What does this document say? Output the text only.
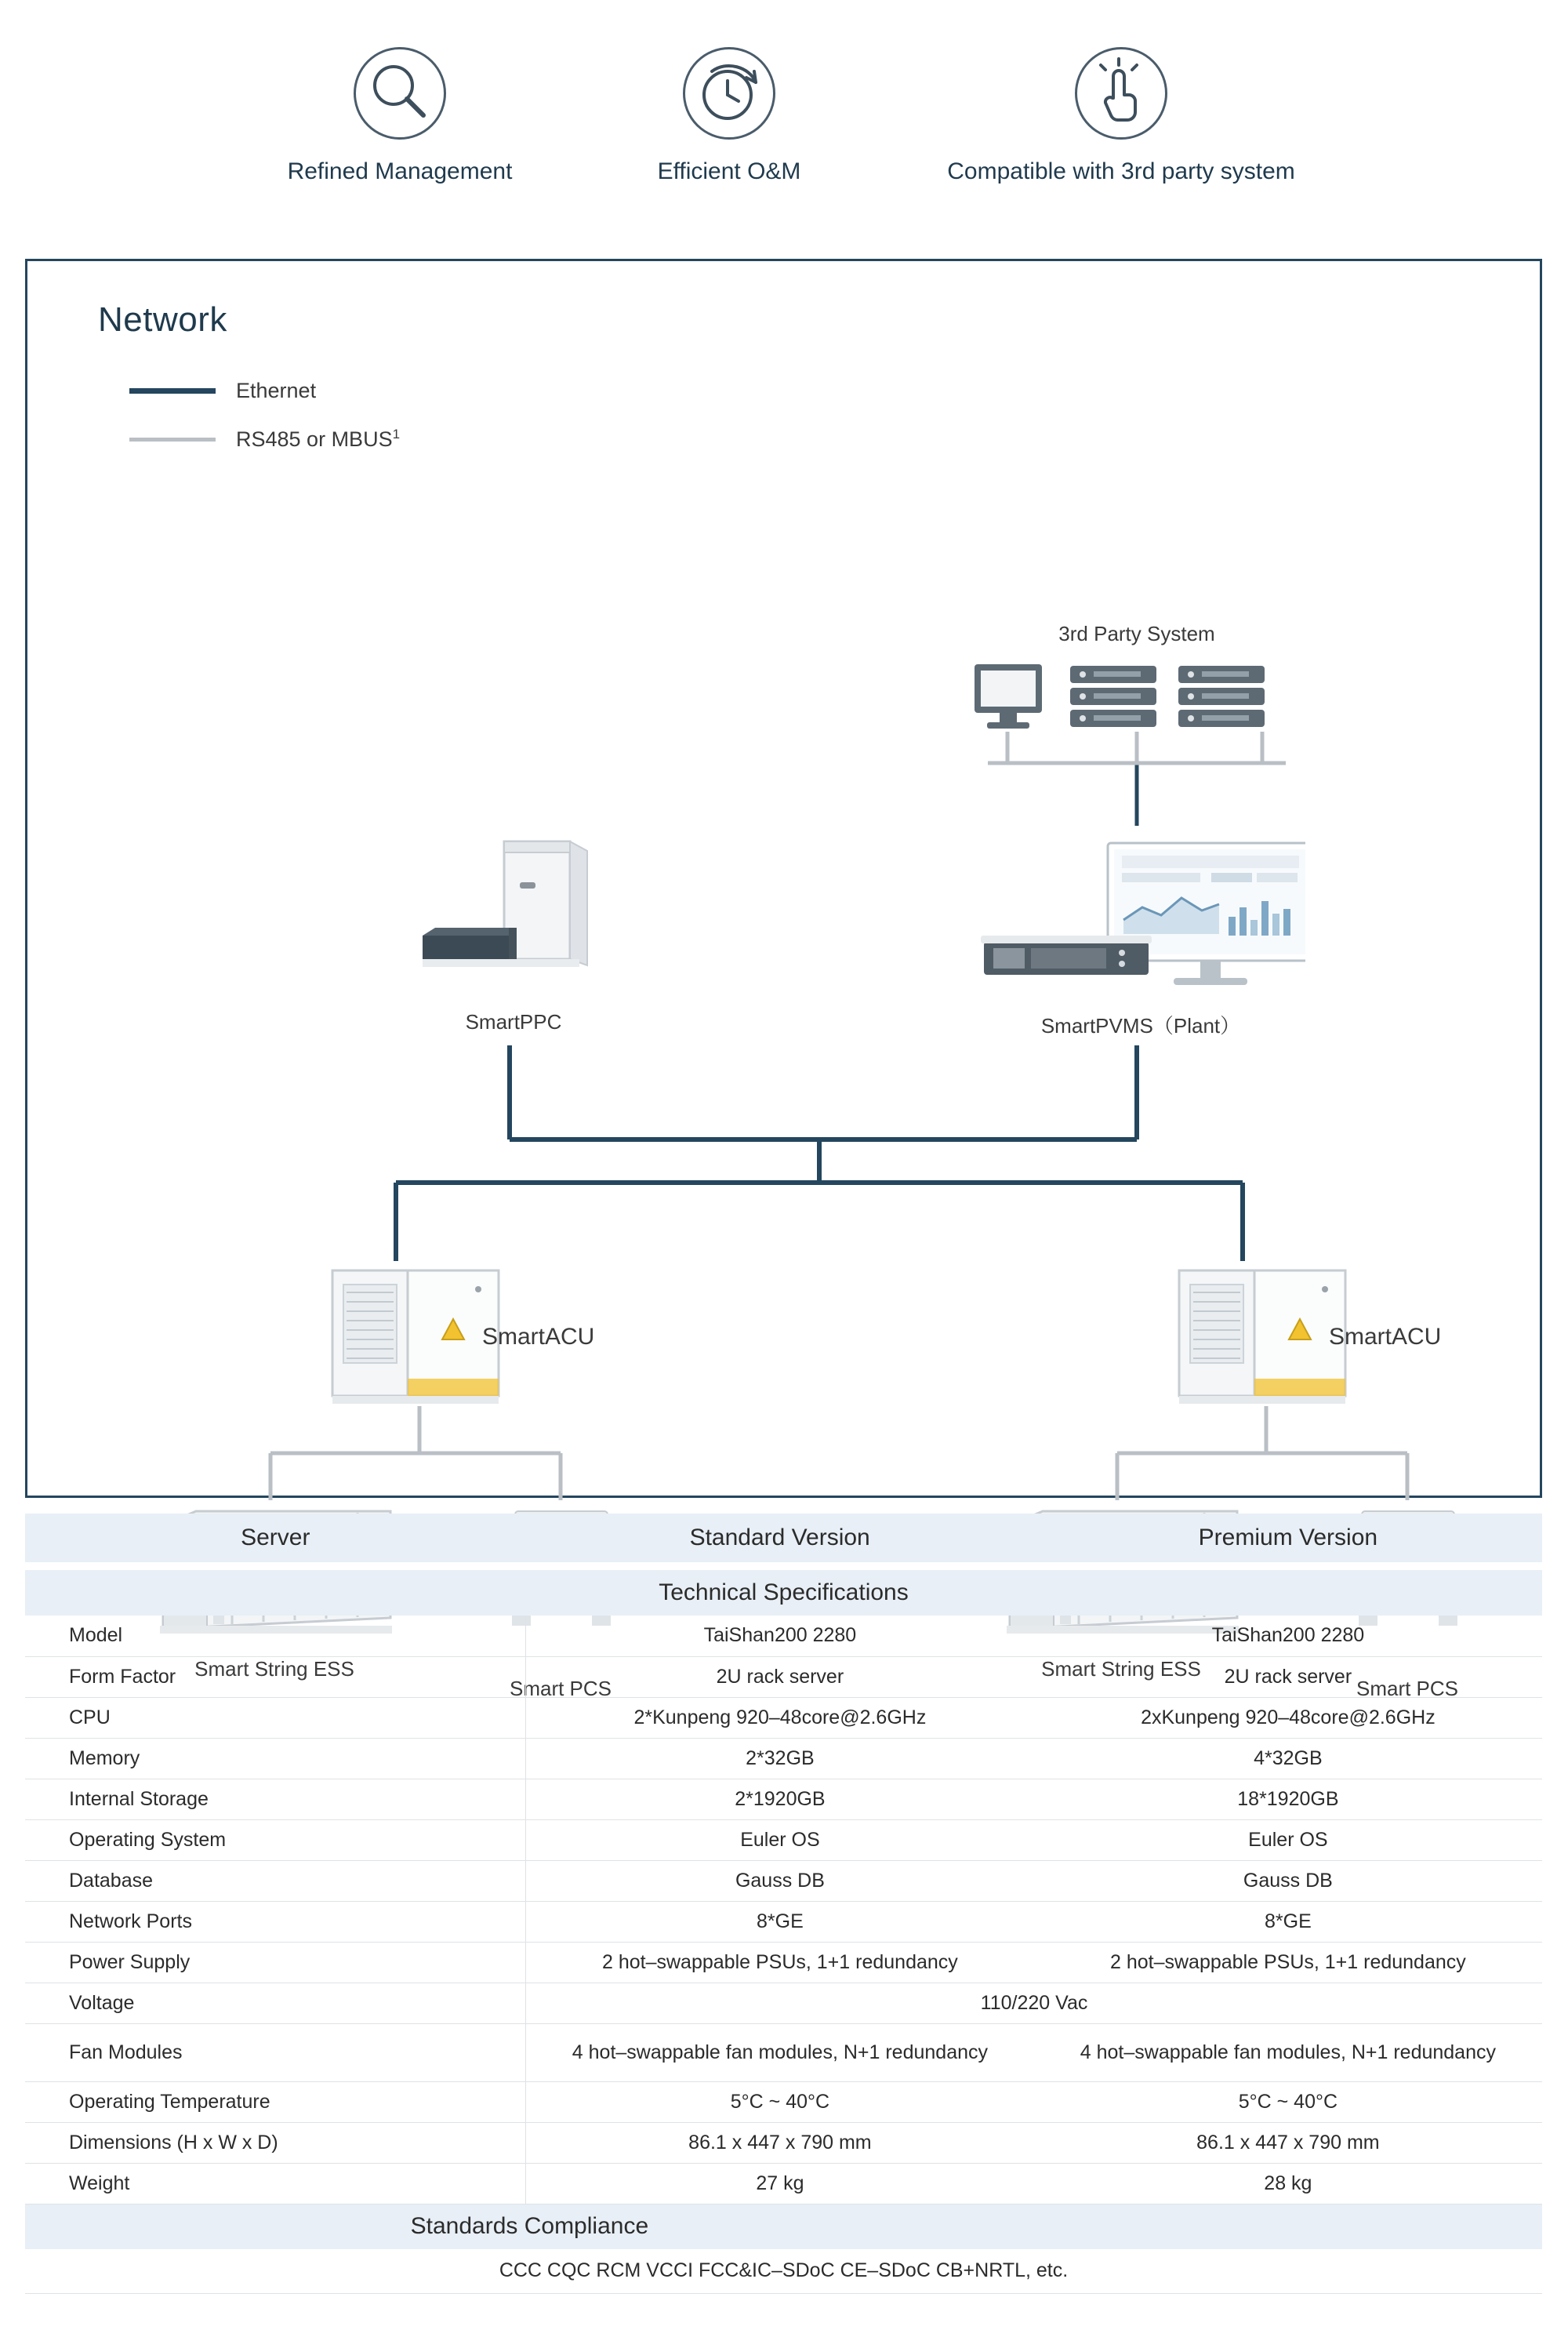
Refined Management	Efficient O&M	Compatible with 3rd party system
Network
Ethernet
RS485 or MBUS$^1$
3rd Party System
SmartPPC	SmartPVMS（Plant）
SmartACU	SmartACU
Smart String ESS
Smart PCS
Smart String ESS
Smart PCS
Server	Standard Version	Premium Version

Technical Specifications		
Model	TaiShan200 2280	TaiShan200 2280
Form Factor	2U rack server	2U rack server
CPU	2*Kunpeng 920–48core@2.6GHz	2xKunpeng 920–48core@2.6GHz
Memory	2*32GB	4*32GB
Internal Storage	2*1920GB	18*1920GB
Operating System	Euler OS	Euler OS
Database	Gauss DB	Gauss DB
Network Ports	8*GE	8*GE
Power Supply	2 hot–swappable PSUs, 1+1 redundancy	2 hot–swappable PSUs, 1+1 redundancy
Voltage	110/220 Vac	
Fan Modules	4 hot–swappable fan modules, N+1 redundancy	4 hot–swappable fan modules, N+1 redundancy
Operating Temperature	5°C ~ 40°C	5°C ~ 40°C
Dimensions (H x W x D)	86.1 x 447 x 790 mm	86.1 x 447 x 790 mm
Weight	27 kg	28 kg
Standards Compliance		
CCC CQC RCM VCCI FCC&IC–SDoC CE–SDoC CB+NRTL, etc.		
